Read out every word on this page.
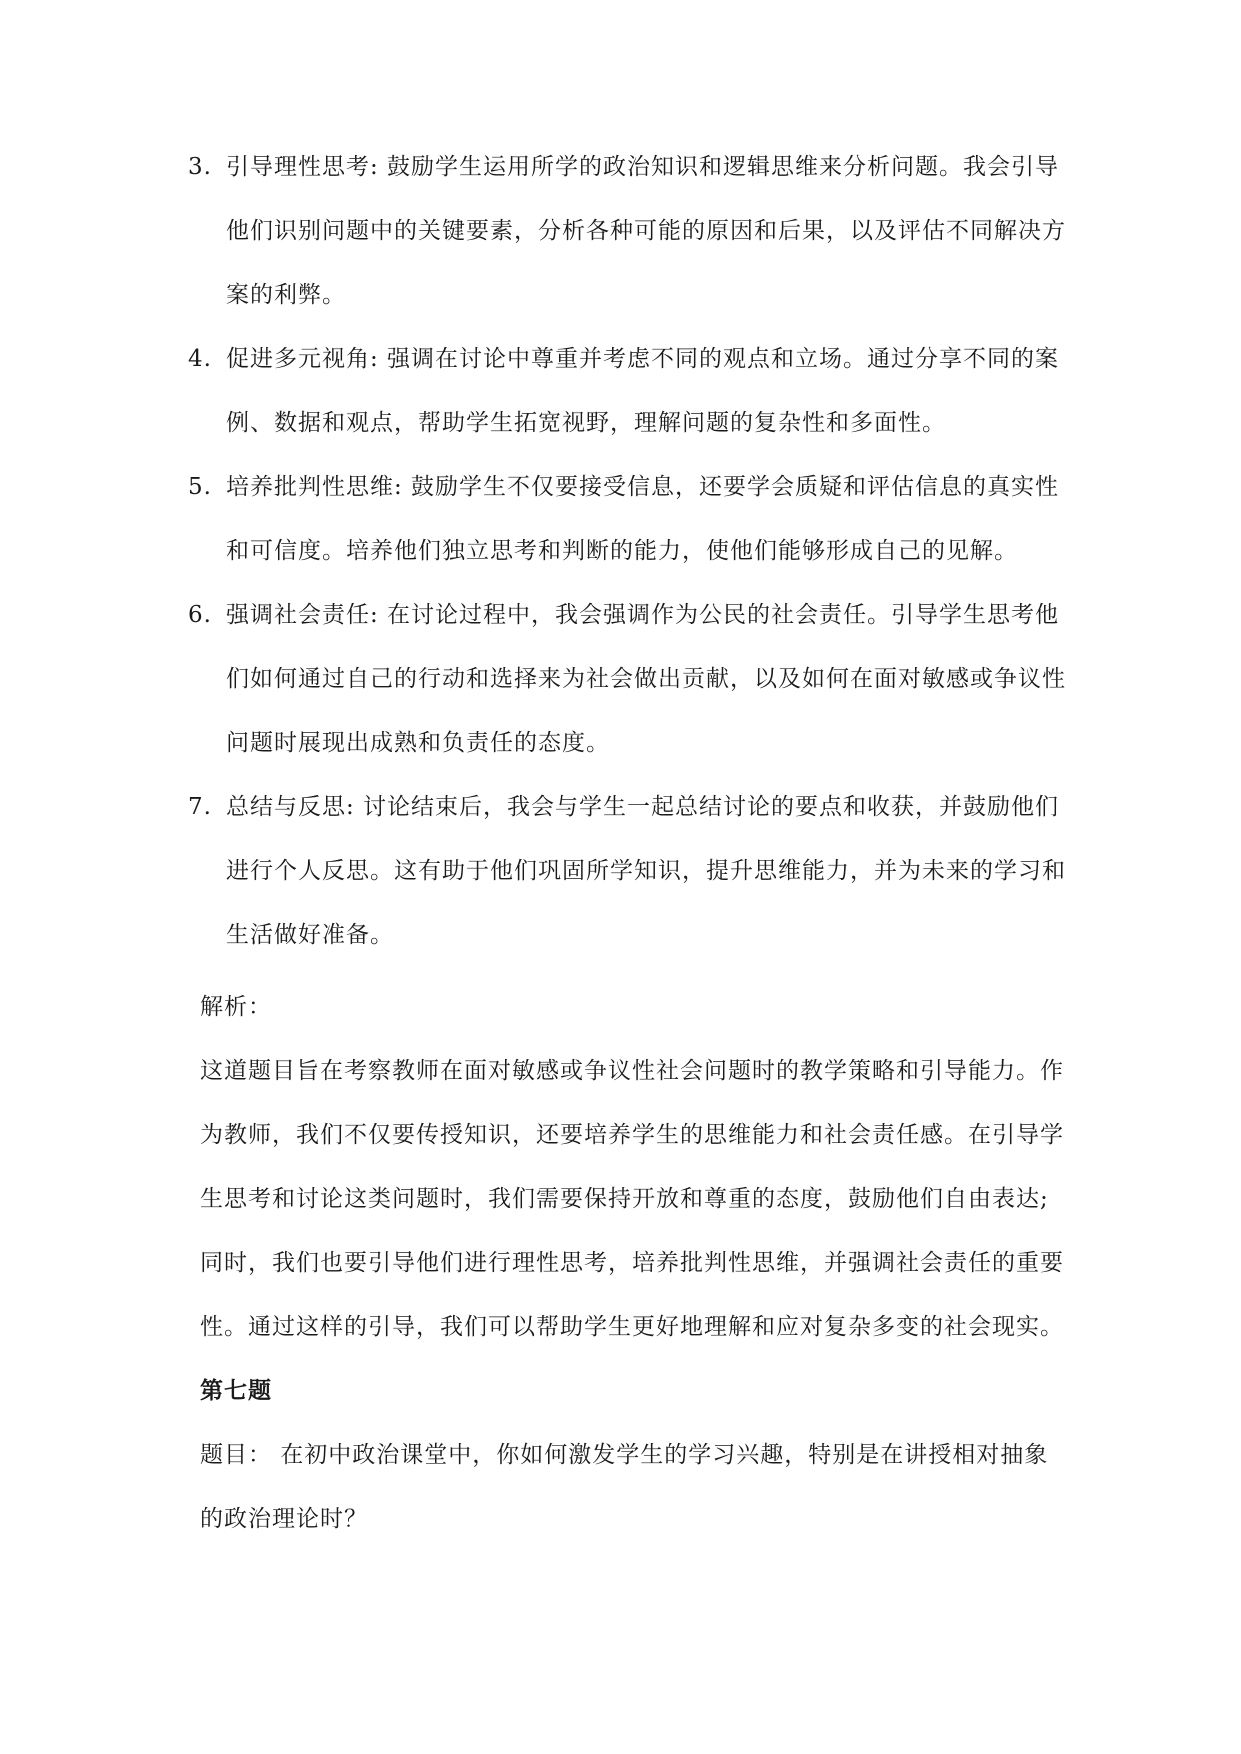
3. 引导理性思考: 鼓励学生运用所学的政治知识和逻辑思维来分析问题。我会引导
他们识别问题中的关键要素，分析各种可能的原因和后果，以及评估不同解决方
案的利弊。
4. 促进多元视角: 强调在讨论中尊重并考虑不同的观点和立场。通过分享不同的案
例、数据和观点，帮助学生拓宽视野，理解问题的复杂性和多面性。
5. 培养批判性思维: 鼓励学生不仅要接受信息，还要学会质疑和评估信息的真实性
和可信度。培养他们独立思考和判断的能力，使他们能够形成自己的见解。
6. 强调社会责任: 在讨论过程中，我会强调作为公民的社会责任。引导学生思考他
们如何通过自己的行动和选择来为社会做出贡献，以及如何在面对敏感或争议性
问题时展现出成熟和负责任的态度。
7. 总结与反思: 讨论结束后，我会与学生一起总结讨论的要点和收获，并鼓励他们
进行个人反思。这有助于他们巩固所学知识，提升思维能力，并为未来的学习和
生活做好准备。
解析：
这道题目旨在考察教师在面对敏感或争议性社会问题时的教学策略和引导能力。作
为教师，我们不仅要传授知识，还要培养学生的思维能力和社会责任感。在引导学
生思考和讨论这类问题时，我们需要保持开放和尊重的态度，鼓励他们自由表达;
同时，我们也要引导他们进行理性思考，培养批判性思维，并强调社会责任的重要
性。通过这样的引导，我们可以帮助学生更好地理解和应对复杂多变的社会现实。
第七题
题目： 在初中政治课堂中，你如何激发学生的学习兴趣，特别是在讲授相对抽象
的政治理论时？
